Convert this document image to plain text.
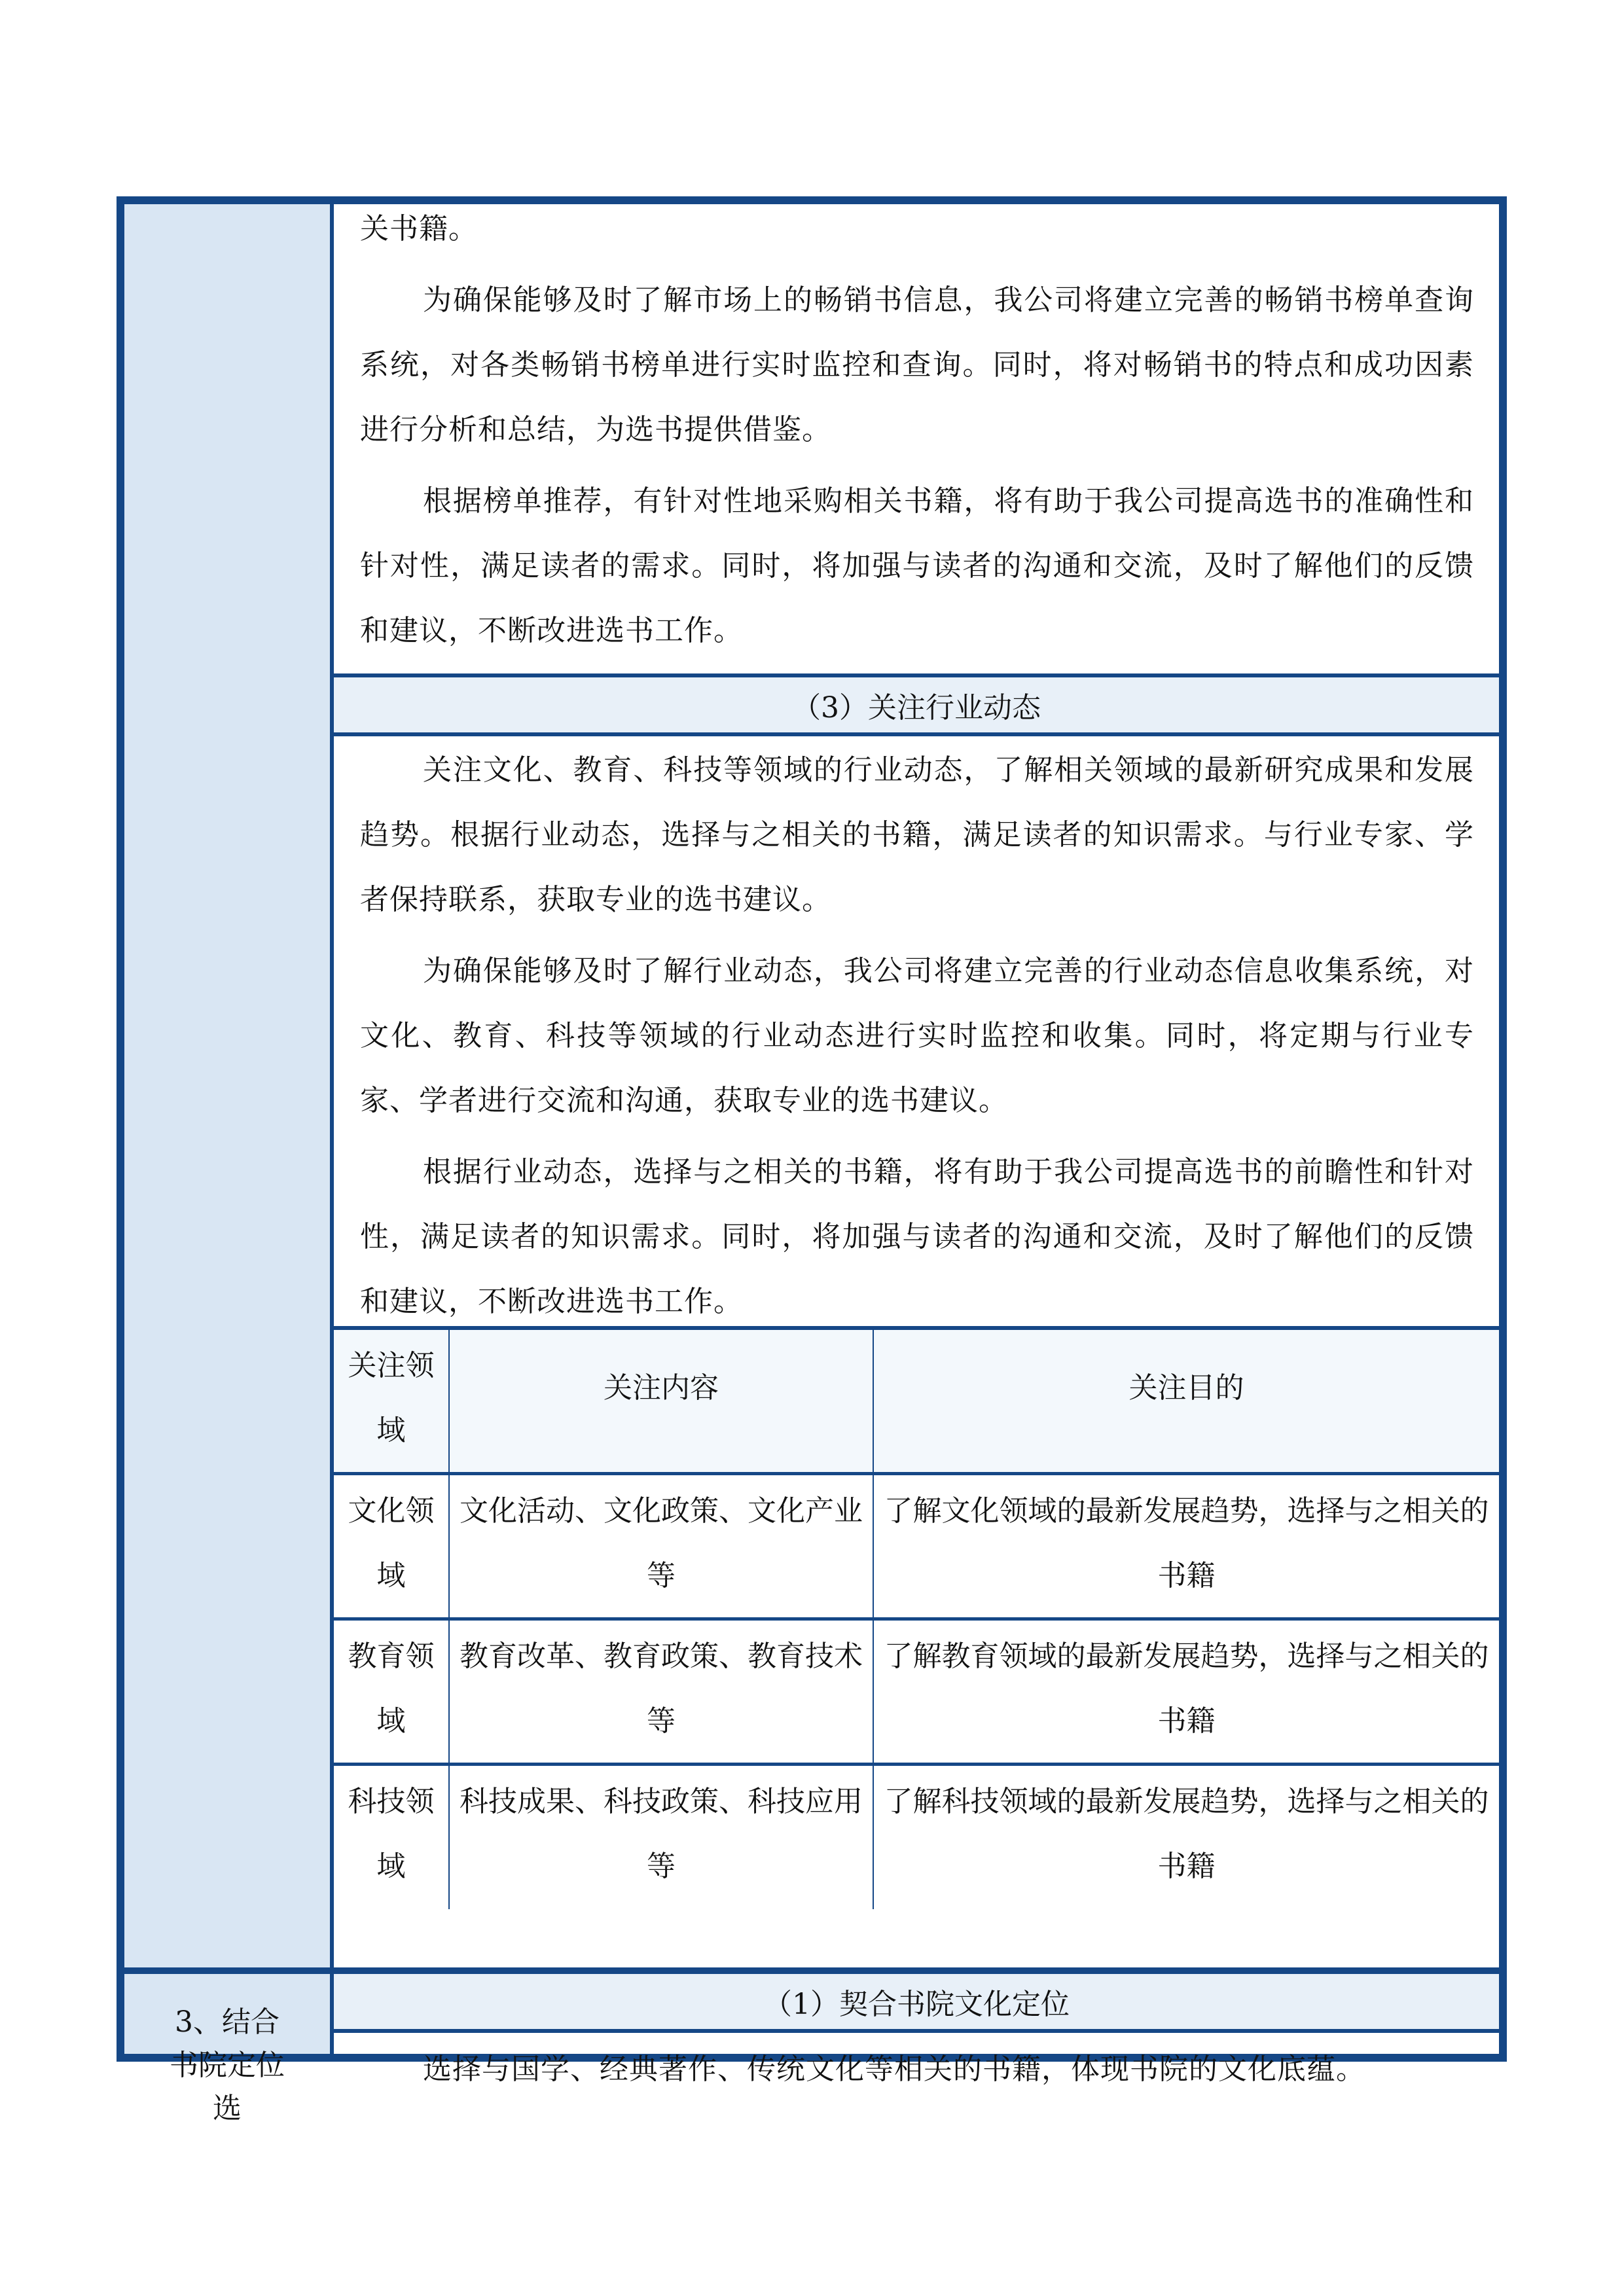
3、结合书院定位选

关书籍。

为确保能够及时了解市场上的畅销书信息，我公司将建立完善的畅销书榜单查询系统，对各类畅销书榜单进行实时监控和查询。同时，将对畅销书的特点和成功因素进行分析和总结，为选书提供借鉴。

根据榜单推荐，有针对性地采购相关书籍，将有助于我公司提高选书的准确性和针对性，满足读者的需求。同时，将加强与读者的沟通和交流，及时了解他们的反馈和建议，不断改进选书工作。

（3）关注行业动态

关注文化、教育、科技等领域的行业动态，了解相关领域的最新研究成果和发展趋势。根据行业动态，选择与之相关的书籍，满足读者的知识需求。与行业专家、学者保持联系，获取专业的选书建议。

为确保能够及时了解行业动态，我公司将建立完善的行业动态信息收集系统，对文化、教育、科技等领域的行业动态进行实时监控和收集。同时，将定期与行业专家、学者进行交流和沟通，获取专业的选书建议。

根据行业动态，选择与之相关的书籍，将有助于我公司提高选书的前瞻性和针对性，满足读者的知识需求。同时，将加强与读者的沟通和交流，及时了解他们的反馈和建议，不断改进选书工作。

关注领域	关注内容	关注目的
文化领域	文化活动、文化政策、文化产业等	了解文化领域的最新发展趋势，选择与之相关的书籍
教育领域	教育改革、教育政策、教育技术等	了解教育领域的最新发展趋势，选择与之相关的书籍
科技领域	科技成果、科技政策、科技应用等	了解科技领域的最新发展趋势，选择与之相关的书籍
（1）契合书院文化定位

选择与国学、经典著作、传统文化等相关的书籍，体现书院的文化底蕴。
